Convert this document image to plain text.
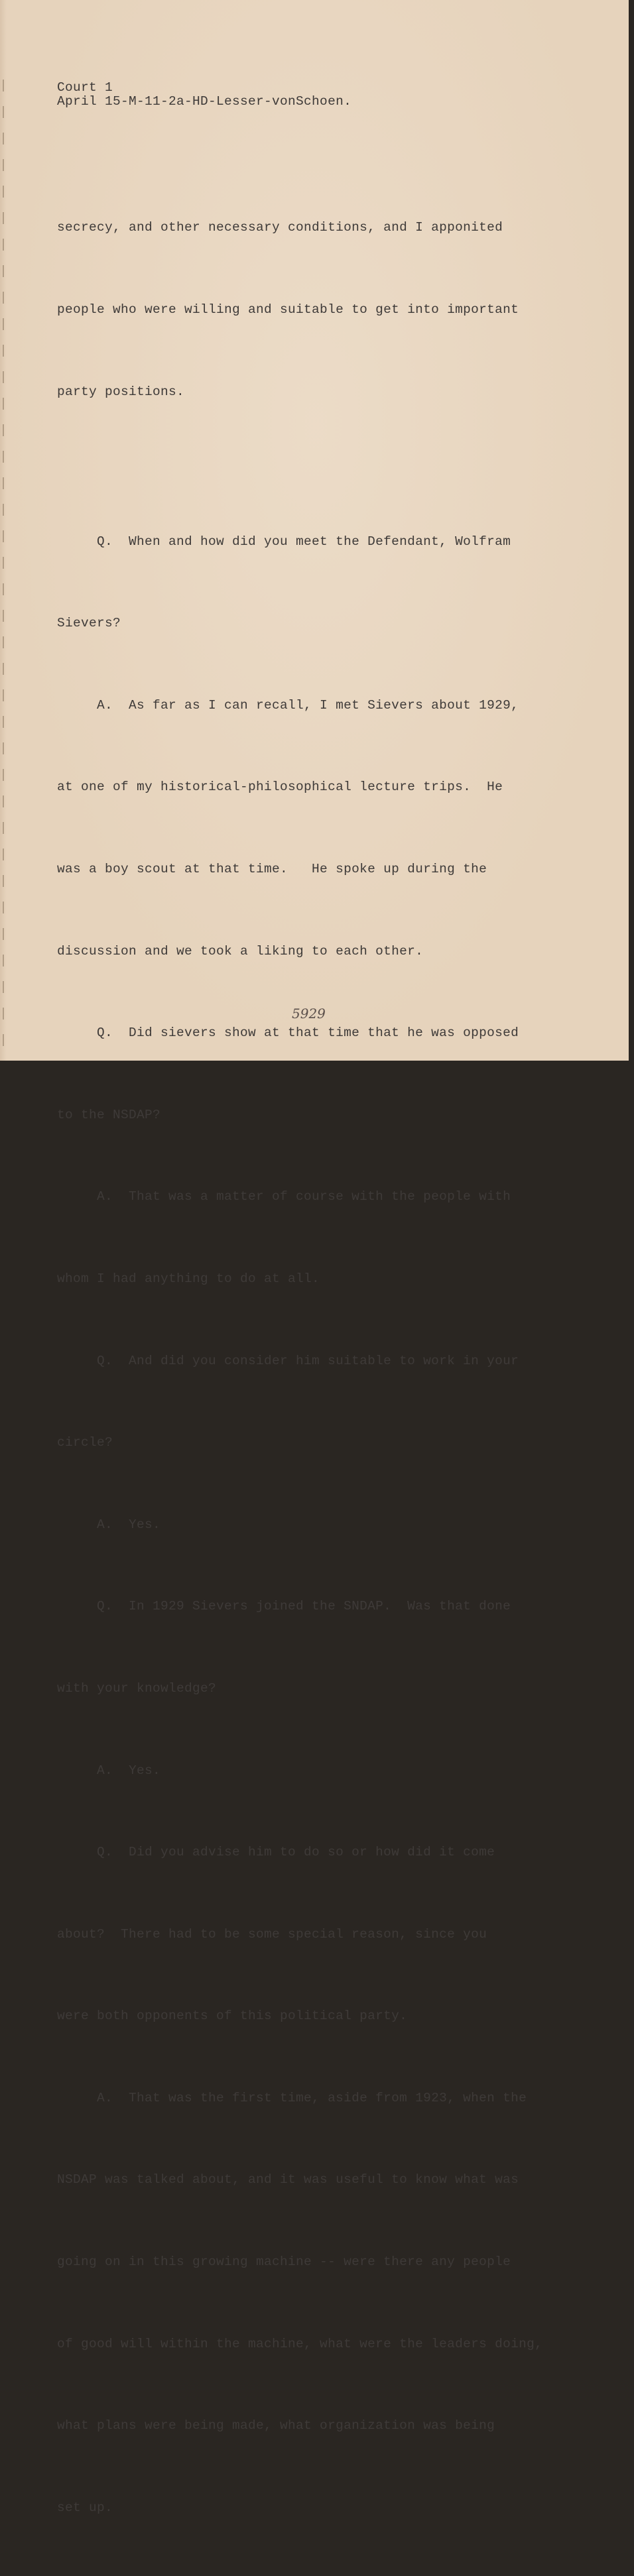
Court 1
April 15-M-11-2a-HD-Lesser-vonSchoen.

secrecy, and other necessary conditions, and I apponited

people who were willing and suitable to get into important

party positions.

Q.  When and how did you meet the Defendant, Wolfram

Sievers?

A.  As far as I can recall, I met Sievers about 1929,

at one of my historical-philosophical lecture trips.  He

was a boy scout at that time.   He spoke up during the

discussion and we took a liking to each other.

Q.  Did sievers show at that time that he was opposed

to the NSDAP?

A.  That was a matter of course with the people with

whom I had anything to do at all.

Q.  And did you consider him suitable to work in your

circle?

A.  Yes.

Q.  In 1929 Sievers joined the SNDAP.  Was that done

with your knowledge?

A.  Yes.

Q.  Did you advise him to do so or how did it come

about?  There had to be some special reason, since you

were both opponents of this political party.

A.  That was the first time, aside from 1923, when the

NSDAP was talked about, and it was useful to know what was

going on in this growing machine -- were there any people

of good will within the machine, what were the leaders doing,

what plans were being made, what organization was being

set up.

5929
